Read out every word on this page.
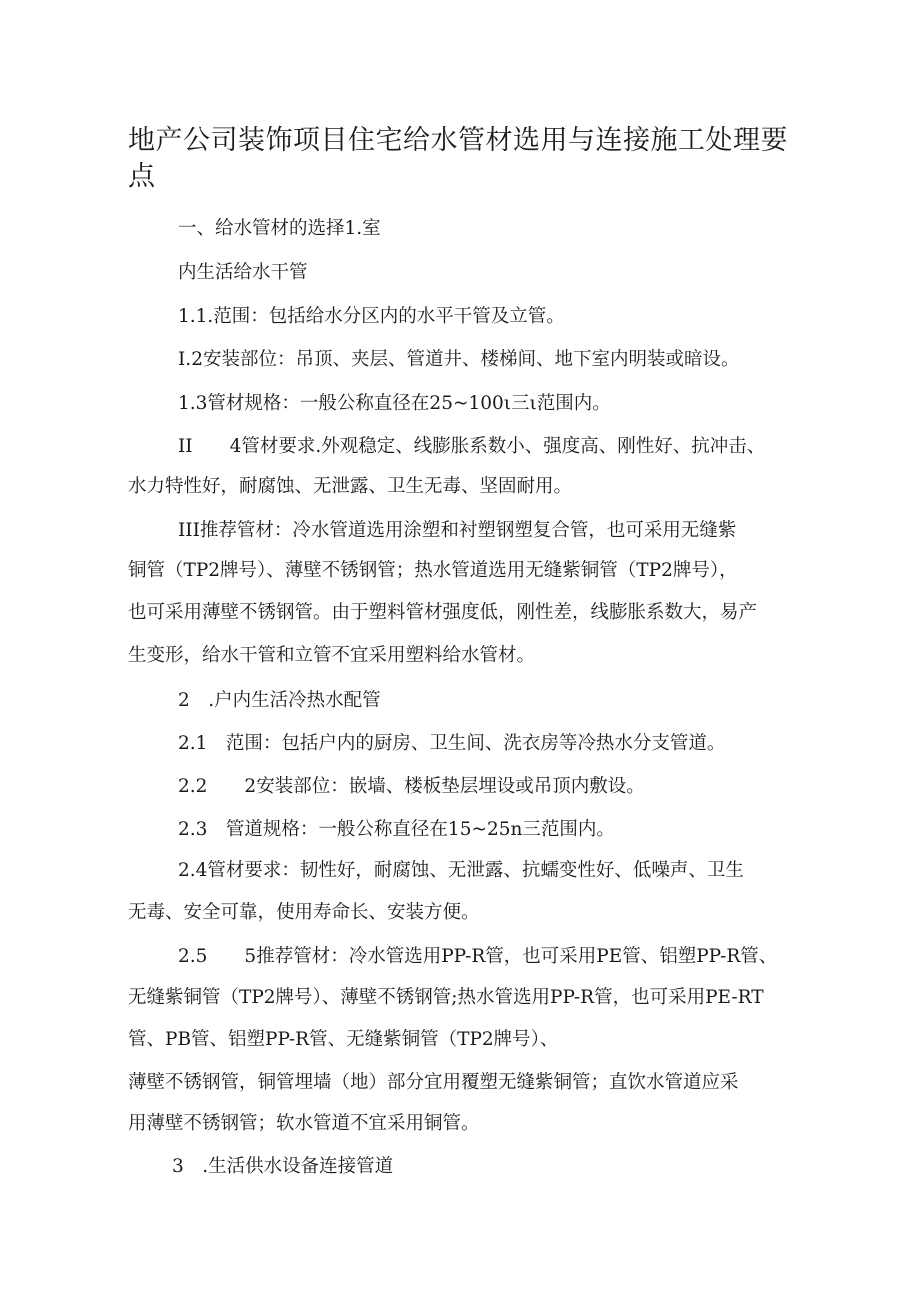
地产公司装饰项目住宅给水管材选用与连接施工处理要点

一、给水管材的选择1.室

内生活给水干管

1.1.范围：包括给水分区内的水平干管及立管。

I.2安装部位：吊顶、夹层、管道井、楼梯间、地下室内明装或暗设。

1.3管材规格：一般公称直径在25~100ι三ι范围内。

II　　4管材要求.外观稳定、线膨胀系数小、强度高、刚性好、抗冲击、

水力特性好，耐腐蚀、无泄露、卫生无毒、坚固耐用。

III推荐管材：冷水管道选用涂塑和衬塑钢塑复合管，也可采用无缝紫

铜管（TP2牌号）、薄壁不锈钢管；热水管道选用无缝紫铜管（TP2牌号），

也可采用薄壁不锈钢管。由于塑料管材强度低，刚性差，线膨胀系数大，易产

生变形，给水干管和立管不宜采用塑料给水管材。

2　.户内生活冷热水配管

2.1　范围：包括户内的厨房、卫生间、洗衣房等冷热水分支管道。

2.2　　2安装部位：嵌墙、楼板垫层埋设或吊顶内敷设。

2.3　管道规格：一般公称直径在15~25n三范围内。

2.4管材要求：韧性好，耐腐蚀、无泄露、抗蠕变性好、低噪声、卫生

无毒、安全可靠，使用寿命长、安装方便。

2.5　　5推荐管材：冷水管选用PP-R管，也可采用PE管、铝塑PP-R管、

无缝紫铜管（TP2牌号）、薄壁不锈钢管;热水管选用PP-R管，也可采用PE-RT

管、PB管、铝塑PP-R管、无缝紫铜管（TP2牌号）、

薄壁不锈钢管，铜管埋墙（地）部分宜用覆塑无缝紫铜管；直饮水管道应采

用薄壁不锈钢管；软水管道不宜采用铜管。

3　.生活供水设备连接管道
